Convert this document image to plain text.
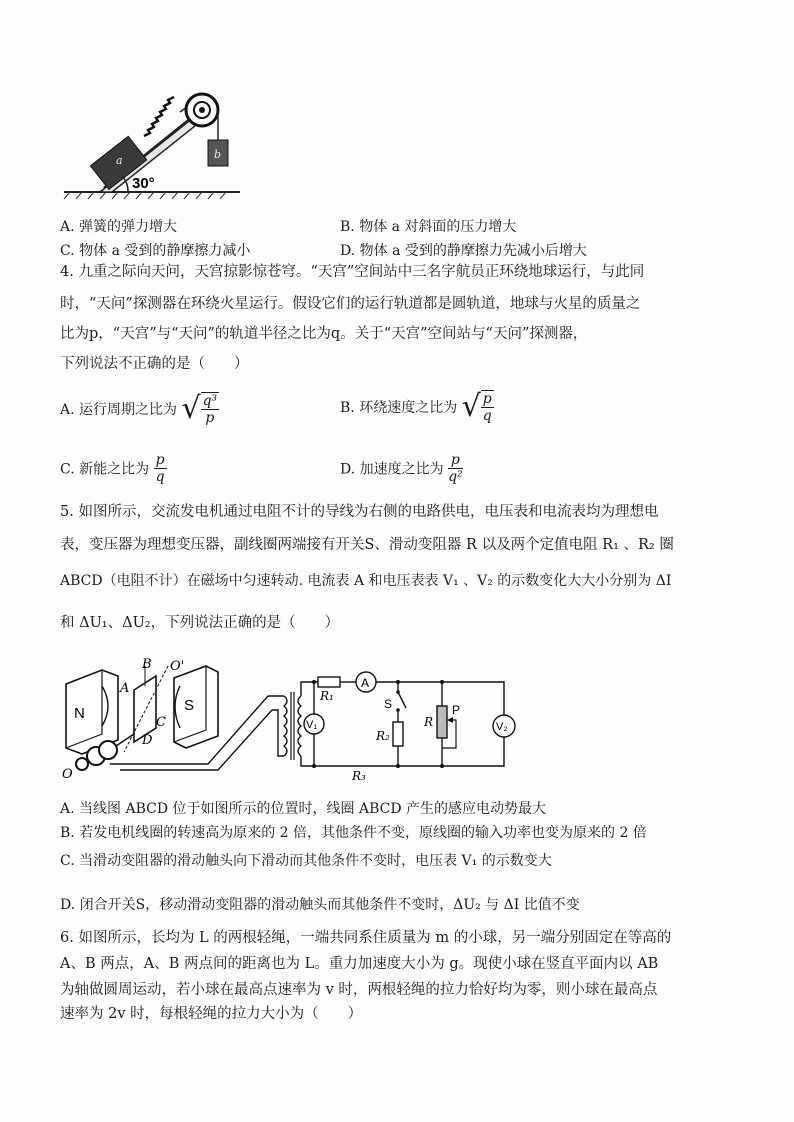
a	b
30°
A. 弹簧的弹力增大	B. 物体 a 对斜面的压力增大
C. 物体 a 受到的静摩擦力减小	D. 物体 a 受到的静摩擦力先减小后增大
4. 九重之际向天问，天宫掠影惊苍穹。“天宫”空间站中三名字航员正环绕地球运行，与此同
时，“天问”探测器在环绕火星运行。假设它们的运行轨道都是圆轨道，地球与火星的质量之
比为p，“天宫”与“天问”的轨道半径之比为q。关于“天宫”空间站与“天问”探测器，
下列说法不正确的是（　　）
A. 运行周期之比为 √ $\frac{\text{q³}}{p}$	B. 环绕速度之比为 √ $\frac{p}{q}$
C. 新能之比为 $\frac{p}{q}$	D. 加速度之比为 $\frac{p}{\text{q²}}$
5. 如图所示，交流发电机通过电阻不计的导线为右侧的电路供电，电压表和电流表均为理想电
表，变压器为理想变压器，副线圈两端接有开关S、滑动变阻器 R 以及两个定值电阻 R₁ 、R₂ 圈
ABCD（电阻不计）在磁场中匀速转动. 电流表 A 和电压表表 V₁ 、V₂ 的示数变化大大小分别为 ΔI
和 ΔU₁、ΔU₂，下列说法正确的是（　　）
N	S
A
B
C
D
O'
O
R₁
A
V₁
S
R₂
R
P
V₂
R₃
A. 当线图 ABCD 位于如图所示的位置时，线圈 ABCD 产生的感应电动势最大
B. 若发电机线圈的转速高为原来的 2 倍，其他条件不变，原线圈的输入功率也变为原来的 2 倍
C. 当滑动变阻器的滑动触头向下滑动而其他条件不变时，电压表 V₁ 的示数变大
D. 闭合开关S，移动滑动变阻器的滑动触头而其他条件不变时，ΔU₂ 与 ΔI 比值不变
6. 如图所示，长均为 L 的两根轻绳，一端共同系住质量为 m 的小球，另一端分别固定在等高的
A、B 两点，A、B 两点间的距离也为 L。重力加速度大小为 g。现使小球在竖直平面内以 AB
为轴做圆周运动，若小球在最高点速率为 v 时，两根轻绳的拉力恰好均为零，则小球在最高点
速率为 2v 时，每根轻绳的拉力大小为（　　）
